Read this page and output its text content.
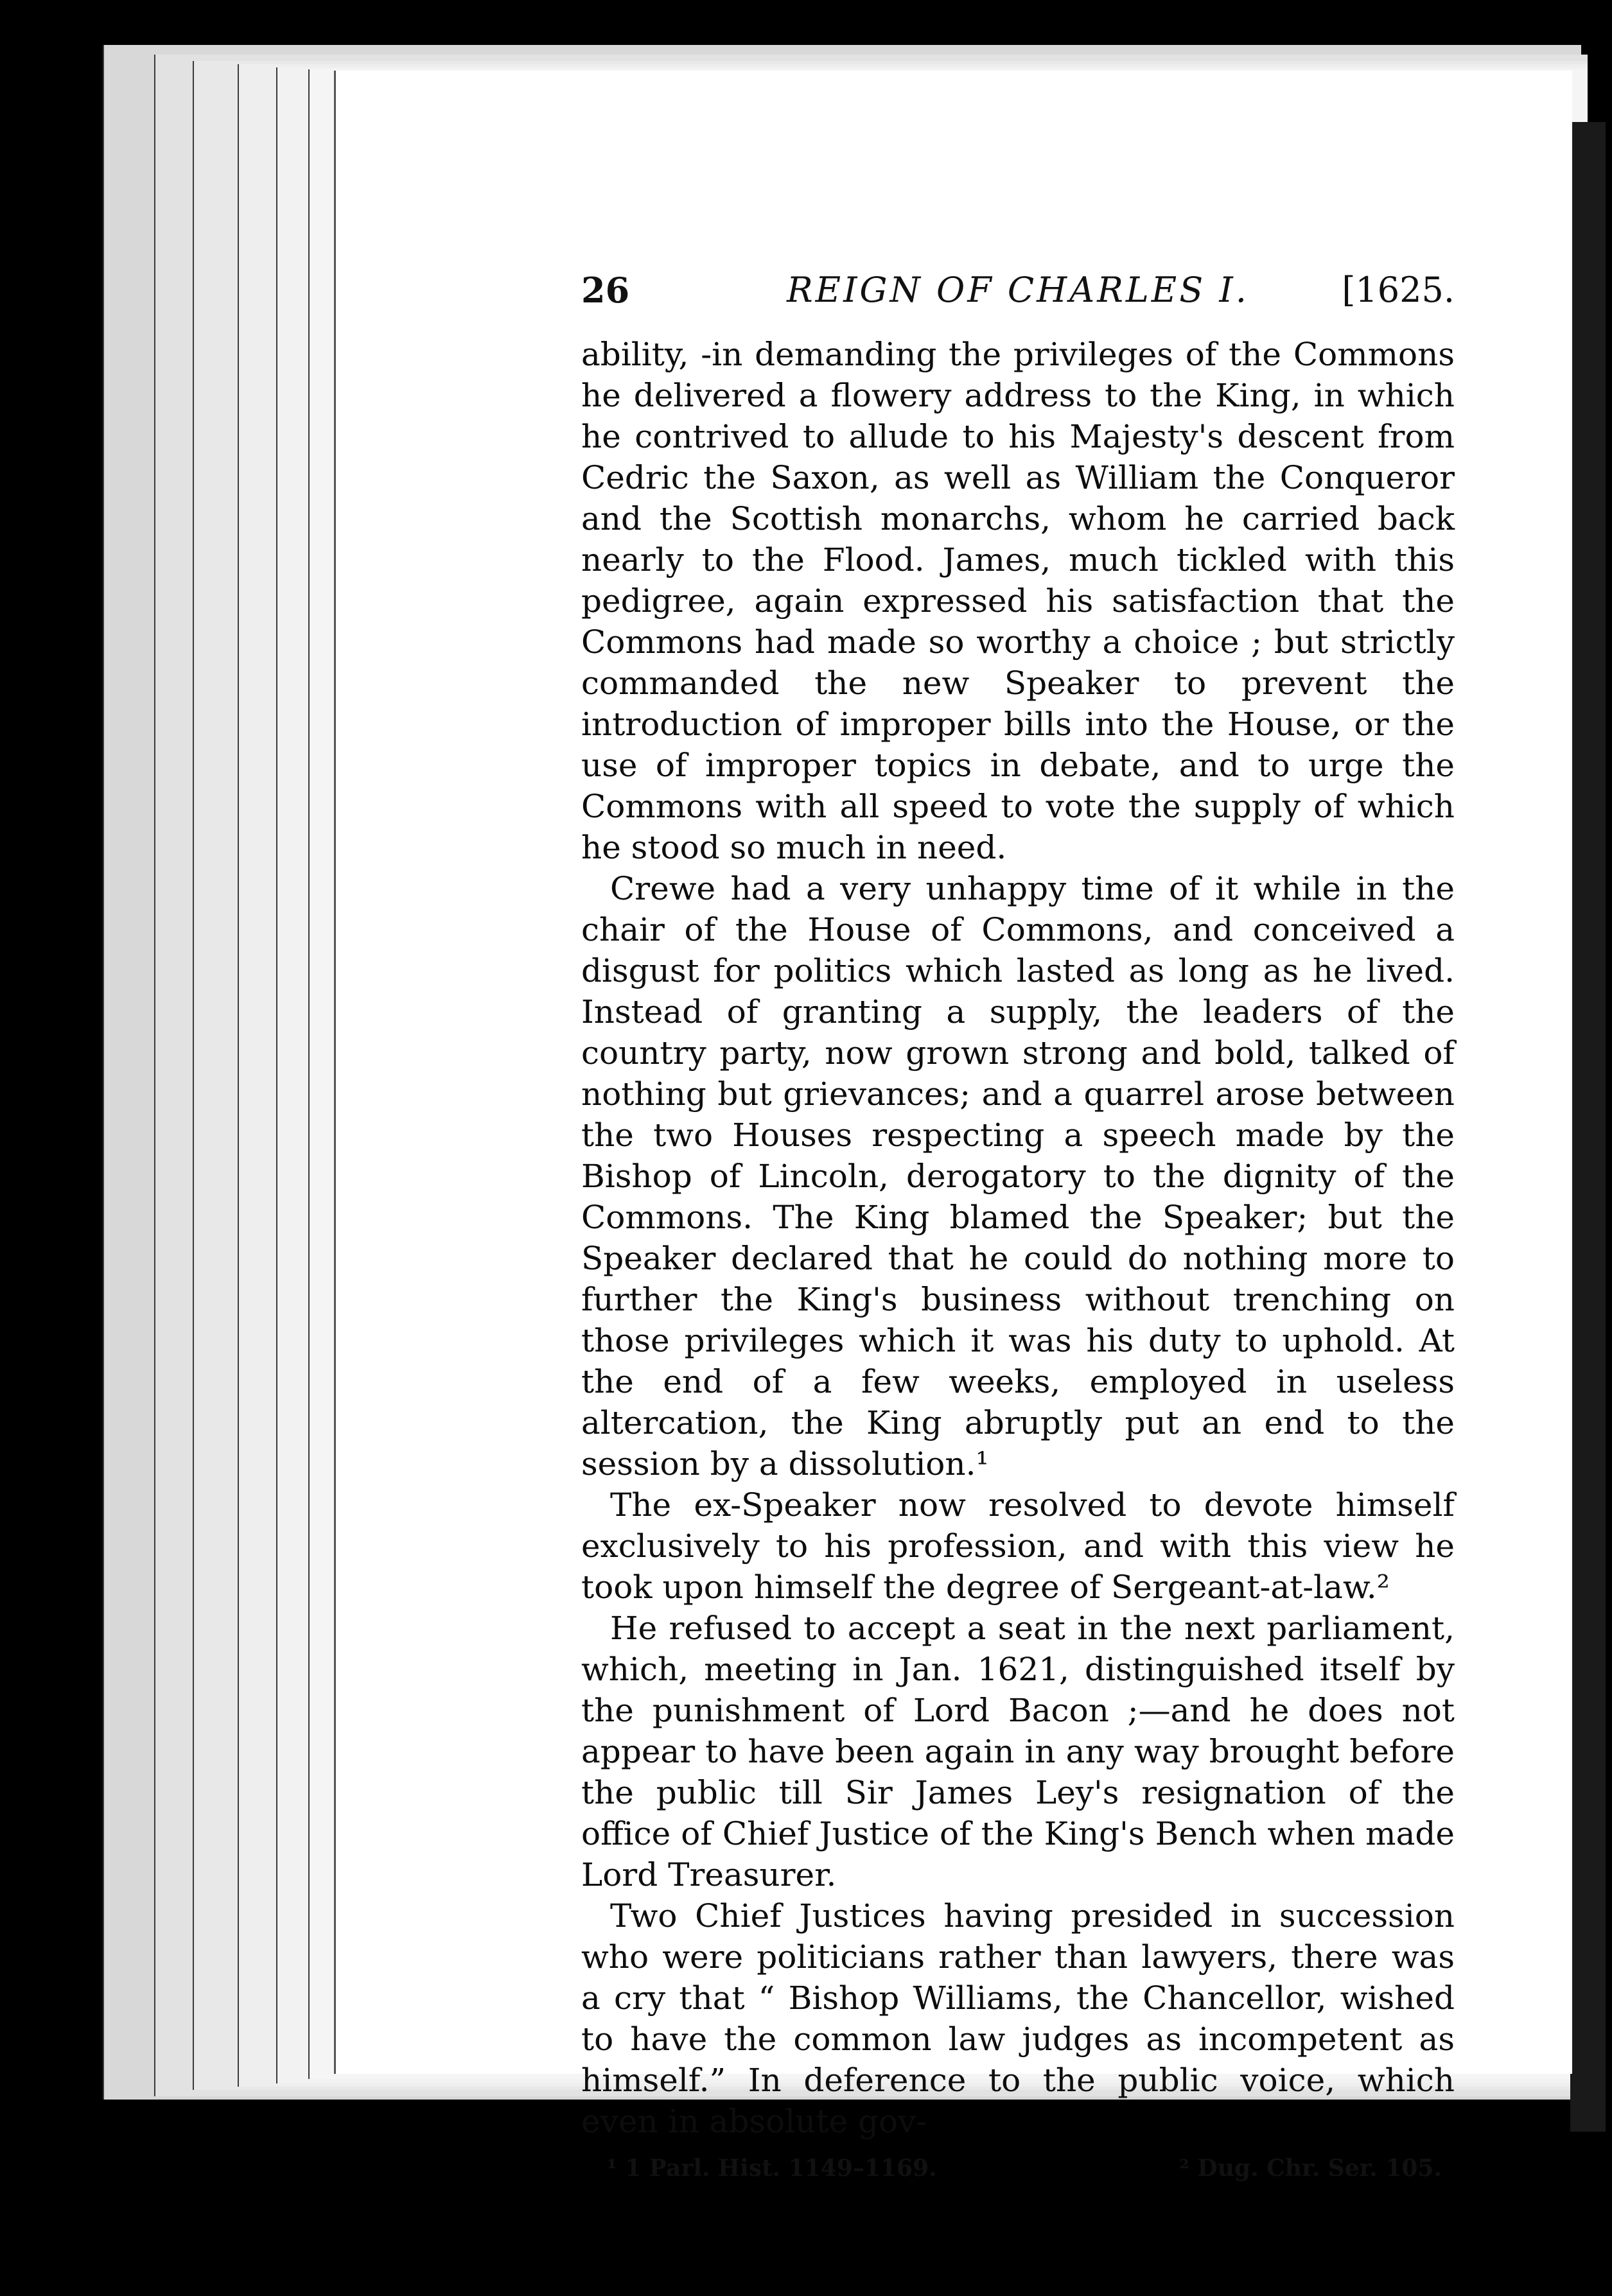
26	REIGN OF CHARLES I.	[1625.

ability, -in demanding the privileges of the Commons he delivered a flowery address to the King, in which he contrived to allude to his Majesty's descent from Cedric the Saxon, as well as William the Conqueror and the Scottish monarchs, whom he carried back nearly to the Flood. James, much tickled with this pedigree, again expressed his satisfaction that the Commons had made so worthy a choice ; but strictly commanded the new Speaker to prevent the introduction of improper bills into the House, or the use of improper topics in debate, and to urge the Commons with all speed to vote the supply of which he stood so much in need.

Crewe had a very unhappy time of it while in the chair of the House of Commons, and conceived a disgust for politics which lasted as long as he lived. Instead of granting a supply, the leaders of the country party, now grown strong and bold, talked of nothing but grievances; and a quarrel arose between the two Houses respecting a speech made by the Bishop of Lincoln, derogatory to the dignity of the Commons. The King blamed the Speaker; but the Speaker declared that he could do nothing more to further the King's business without trenching on those privileges which it was his duty to uphold. At the end of a few weeks, employed in useless altercation, the King abruptly put an end to the session by a dissolution.¹

The ex-Speaker now resolved to devote himself exclusively to his profession, and with this view he took upon himself the degree of Sergeant-at-law.²

He refused to accept a seat in the next parliament, which, meeting in Jan. 1621, distinguished itself by the punishment of Lord Bacon ;—and he does not appear to have been again in any way brought before the public till Sir James Ley's resignation of the office of Chief Justice of the King's Bench when made Lord Treasurer.

Two Chief Justices having presided in succession who were politicians rather than lawyers, there was a cry that “ Bishop Williams, the Chancellor, wished to have the common law judges as incompetent as himself.” In deference to the public voice, which even in absolute gov-

¹ 1 Parl. Hist. 1149–1169.	² Dug. Chr. Ser. 105.
